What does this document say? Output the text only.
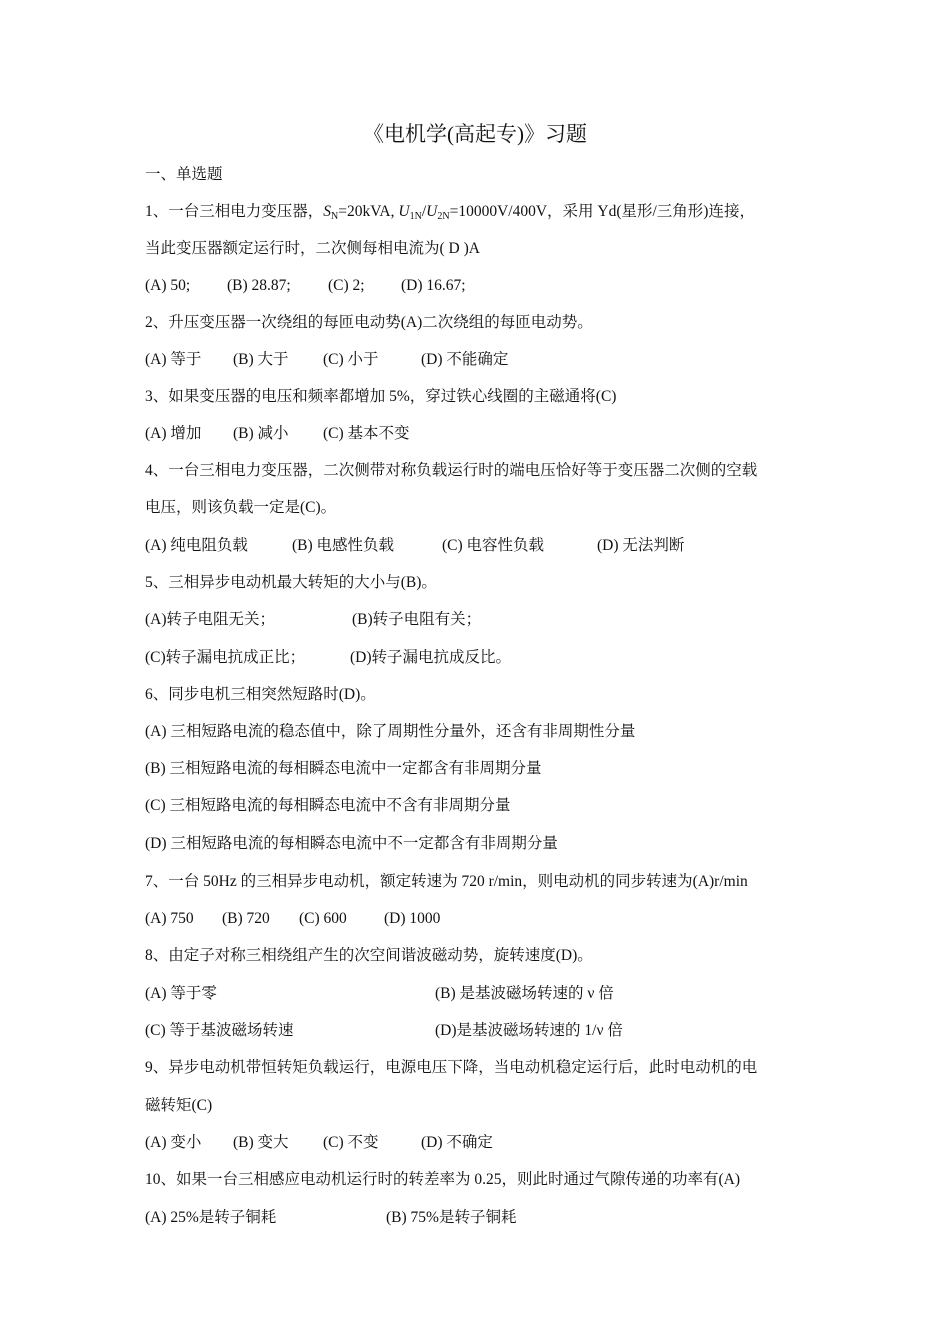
《电机学(高起专)》习题
一、单选题
1、一台三相电力变压器，$S_N=20kVA$, $U_{1N}/U_{2N}=10000V/400V$，采用 Yd(星形/三角形)连接，
当此变压器额定运行时，二次侧每相电流为( D )A
(A) 50; (B) 28.87; (C) 2; (D) 16.67;
2、升压变压器一次绕组的每匝电动势(A)二次绕组的每匝电动势。
(A) 等于 (B) 大于 (C) 小于	(D) 不能确定
3、如果变压器的电压和频率都增加 5%，穿过铁心线圈的主磁通将(C)
(A) 增加 (B) 减小 (C) 基本不变
4、一台三相电力变压器，二次侧带对称负载运行时的端电压恰好等于变压器二次侧的空载
电压，则该负载一定是(C)。
(A) 纯电阻负载	(B) 电感性负载	(C) 电容性负载	(D) 无法判断
5、三相异步电动机最大转矩的大小与(B)。
(A)转子电阻无关；	(B)转子电阻有关；
(C)转子漏电抗成正比；	(D)转子漏电抗成反比。
6、同步电机三相突然短路时(D)。
(A) 三相短路电流的稳态值中，除了周期性分量外，还含有非周期性分量
(B) 三相短路电流的每相瞬态电流中一定都含有非周期分量
(C) 三相短路电流的每相瞬态电流中不含有非周期分量
(D) 三相短路电流的每相瞬态电流中不一定都含有非周期分量
7、一台 50Hz 的三相异步电动机，额定转速为 720 r/min，则电动机的同步转速为(A)r/min
(A) 750 (B) 720 (C) 600 (D) 1000
8、由定子对称三相绕组产生的次空间谐波磁动势，旋转速度(D)。
(A) 等于零	(B) 是基波磁场转速的 ν 倍
(C) 等于基波磁场转速	(D)是基波磁场转速的 1/ν 倍
9、异步电动机带恒转矩负载运行，电源电压下降，当电动机稳定运行后，此时电动机的电
磁转矩(C)
(A) 变小 (B) 变大 (C) 不变	(D) 不确定
10、如果一台三相感应电动机运行时的转差率为 0.25，则此时通过气隙传递的功率有(A)
(A) 25%是转子铜耗	(B) 75%是转子铜耗
